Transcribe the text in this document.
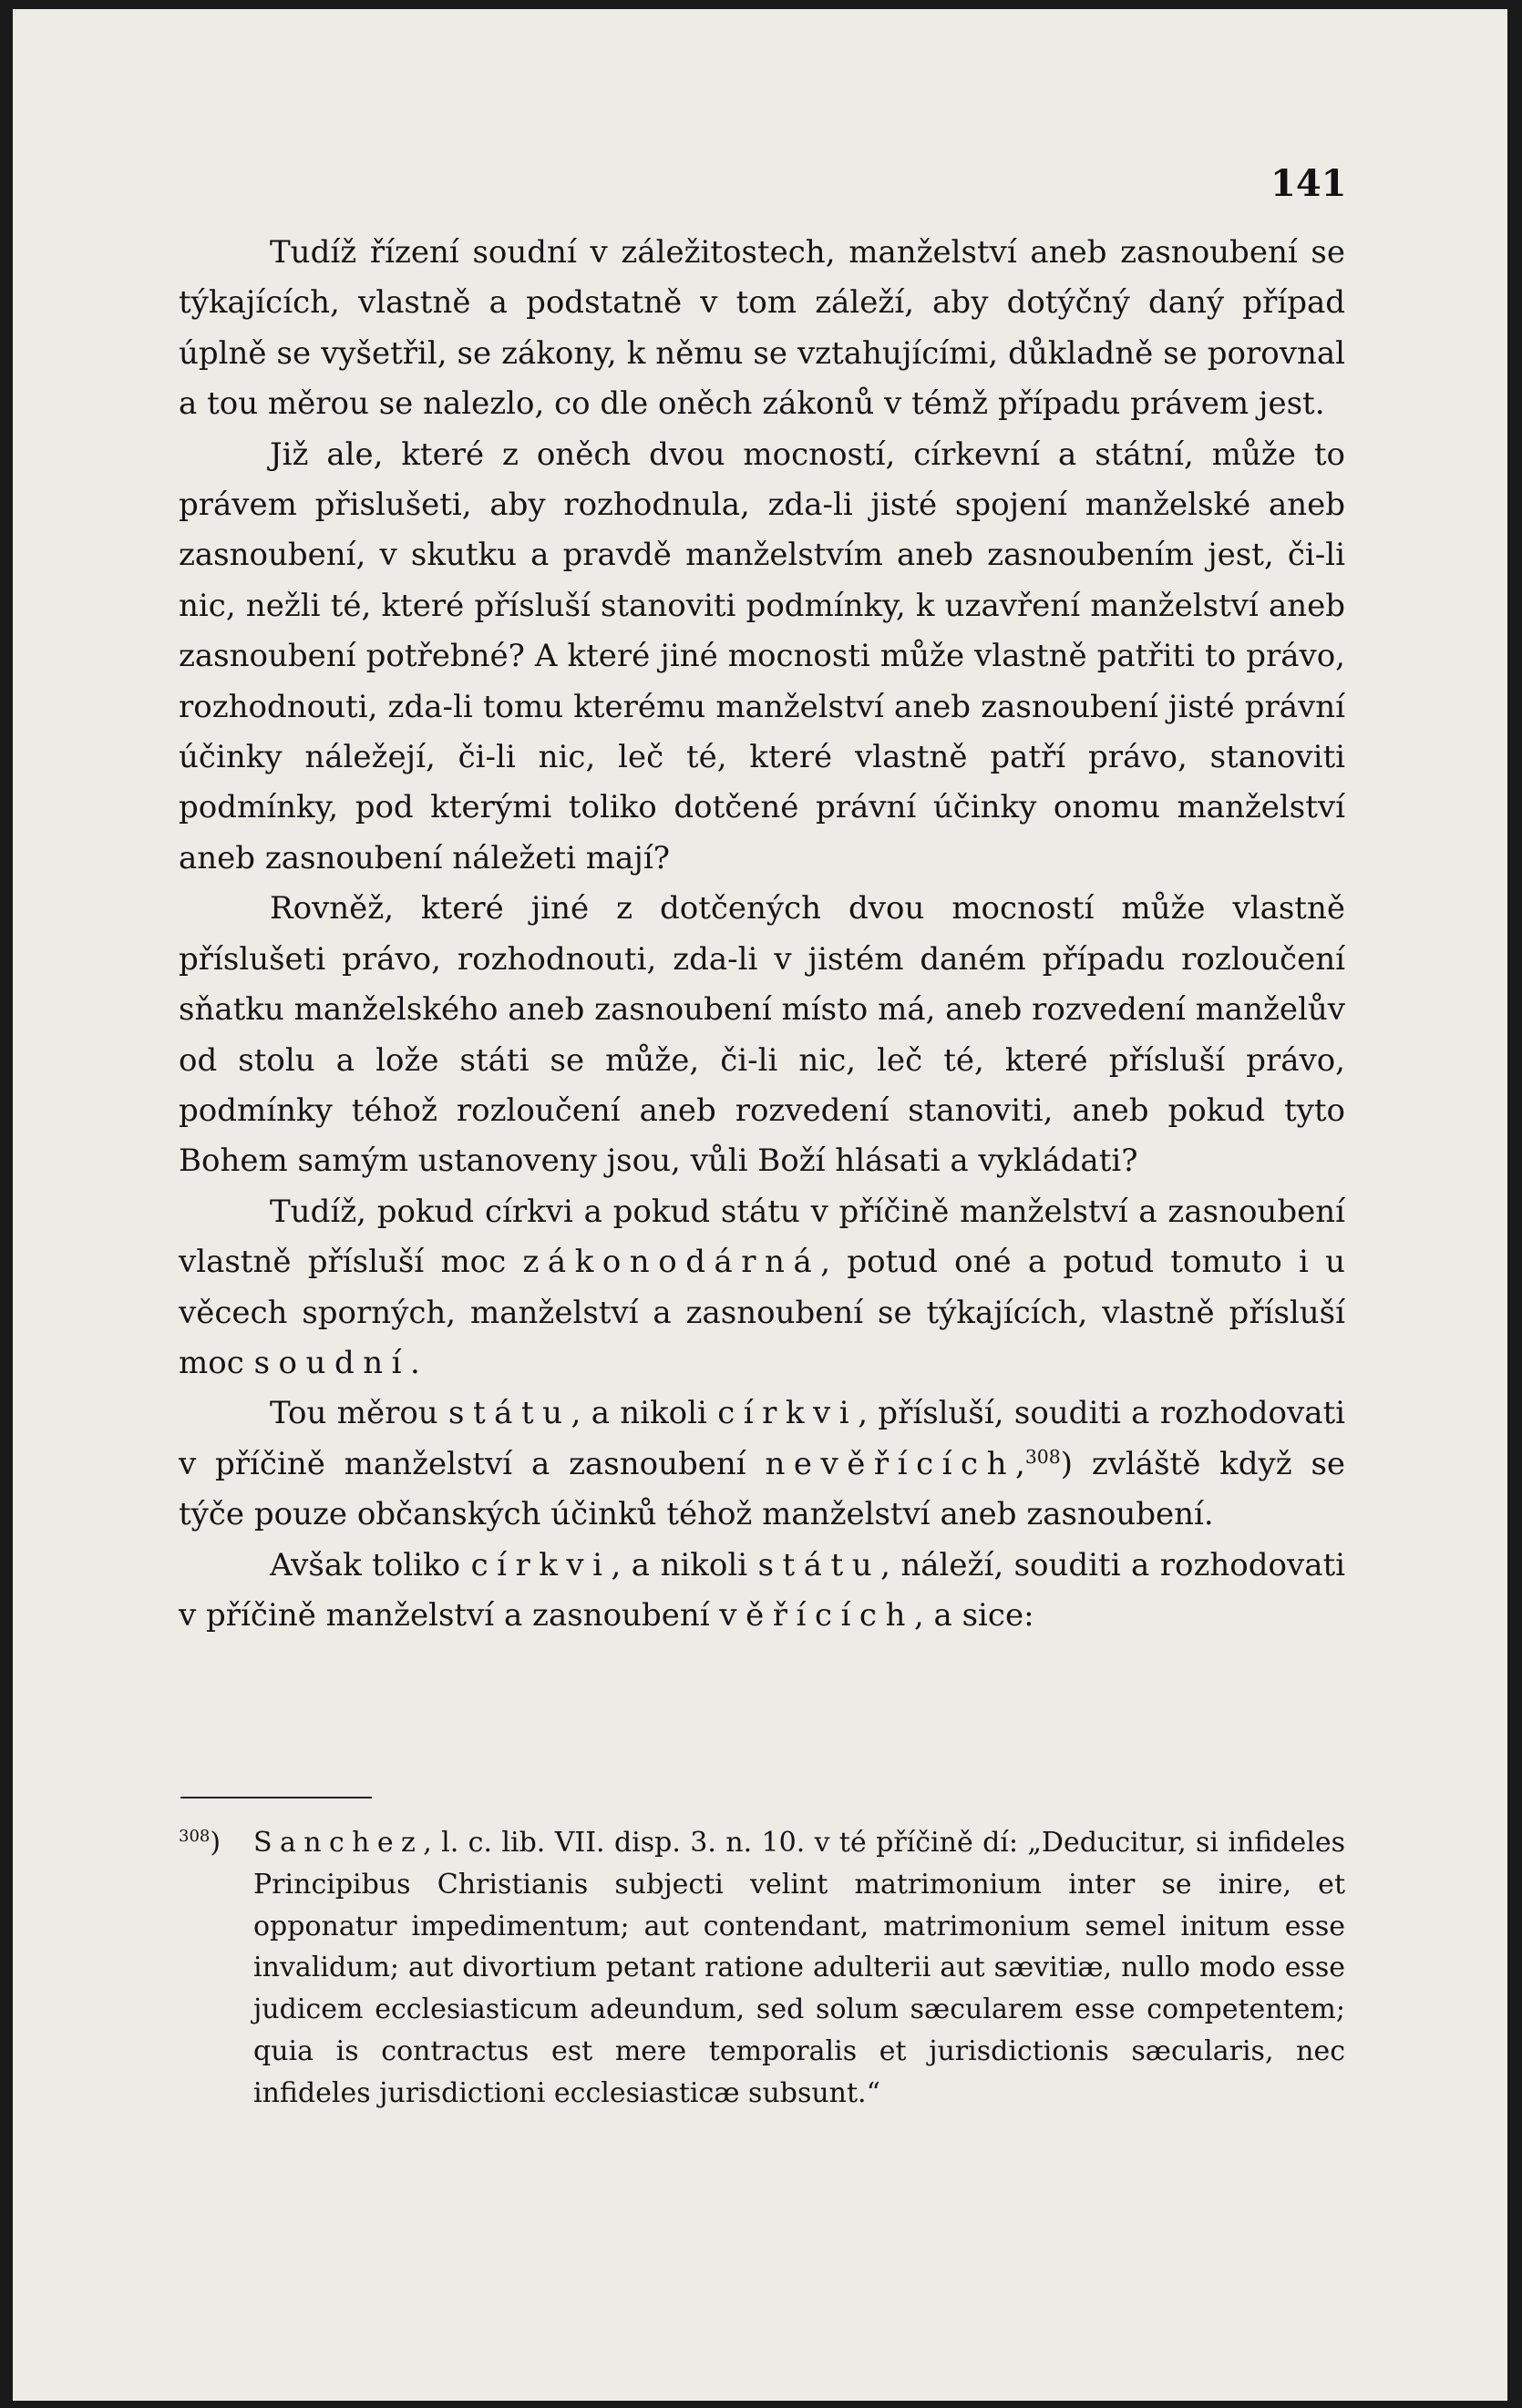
141

Tudíž řízení soudní v záležitostech, manželství aneb zasnoubení se týkajících, vlastně a podstatně v tom záleží, aby dotýčný daný případ úplně se vyšetřil, se zákony, k němu se vztahujícími, důkladně se porovnal a tou měrou se nalezlo, co dle oněch zákonů v témž případu právem jest.

Již ale, které z oněch dvou mocností, církevní a státní, může to právem přislušeti, aby rozhodnula, zda-li jisté spojení manželské aneb zasnoubení, v skutku a pravdě manželstvím aneb zasnoubením jest, či-li nic, nežli té, které přísluší stanoviti podmínky, k uzavření manželství aneb zasnoubení potřebné? A které jiné mocnosti může vlastně patřiti to právo, rozhodnouti, zda-li tomu kterému manželství aneb zasnoubení jisté právní účinky náležejí, či-li nic, leč té, které vlastně patří právo, stanoviti podmínky, pod kterými toliko dotčené právní účinky onomu manželství aneb zasnoubení náležeti mají?

Rovněž, které jiné z dotčených dvou mocností může vlastně příslušeti právo, rozhodnouti, zda-li v jistém daném případu rozloučení sňatku manželského aneb zasnoubení místo má, aneb rozvedení manželův od stolu a lože státi se může, či-li nic, leč té, které přísluší právo, podmínky téhož rozloučení aneb rozvedení stanoviti, aneb pokud tyto Bohem samým ustanoveny jsou, vůli Boží hlásati a vykládati?

Tudíž, pokud církvi a pokud státu v příčině manželství a zasnoubení vlastně přísluší moc zákonodárná, potud oné a potud tomuto i u věcech sporných, manželství a zasnoubení se týkajících, vlastně přísluší moc soudní.

Tou měrou státu, a nikoli církvi, přísluší, souditi a rozhodovati v příčině manželství a zasnoubení nevěřících,$^{308}$) zvláště když se týče pouze občanských účinků téhož manželství aneb zasnoubení.

Avšak toliko církvi, a nikoli státu, náleží, souditi a rozhodovati v příčině manželství a zasnoubení věřících, a sice:

$^{308}$) Sanchez, l. c. lib. VII. disp. 3. n. 10. v té příčině dí: „Deducitur, si infideles Principibus Christianis subjecti velint matrimonium inter se inire, et opponatur impedimentum; aut contendant, matrimonium semel initum esse invalidum; aut divortium petant ratione adulterii aut sævitiæ, nullo modo esse judicem ecclesiasticum adeundum, sed solum sæcularem esse competentem; quia is contractus est mere temporalis et jurisdictionis sæcularis, nec infideles jurisdictioni ecclesiasticæ subsunt.“
